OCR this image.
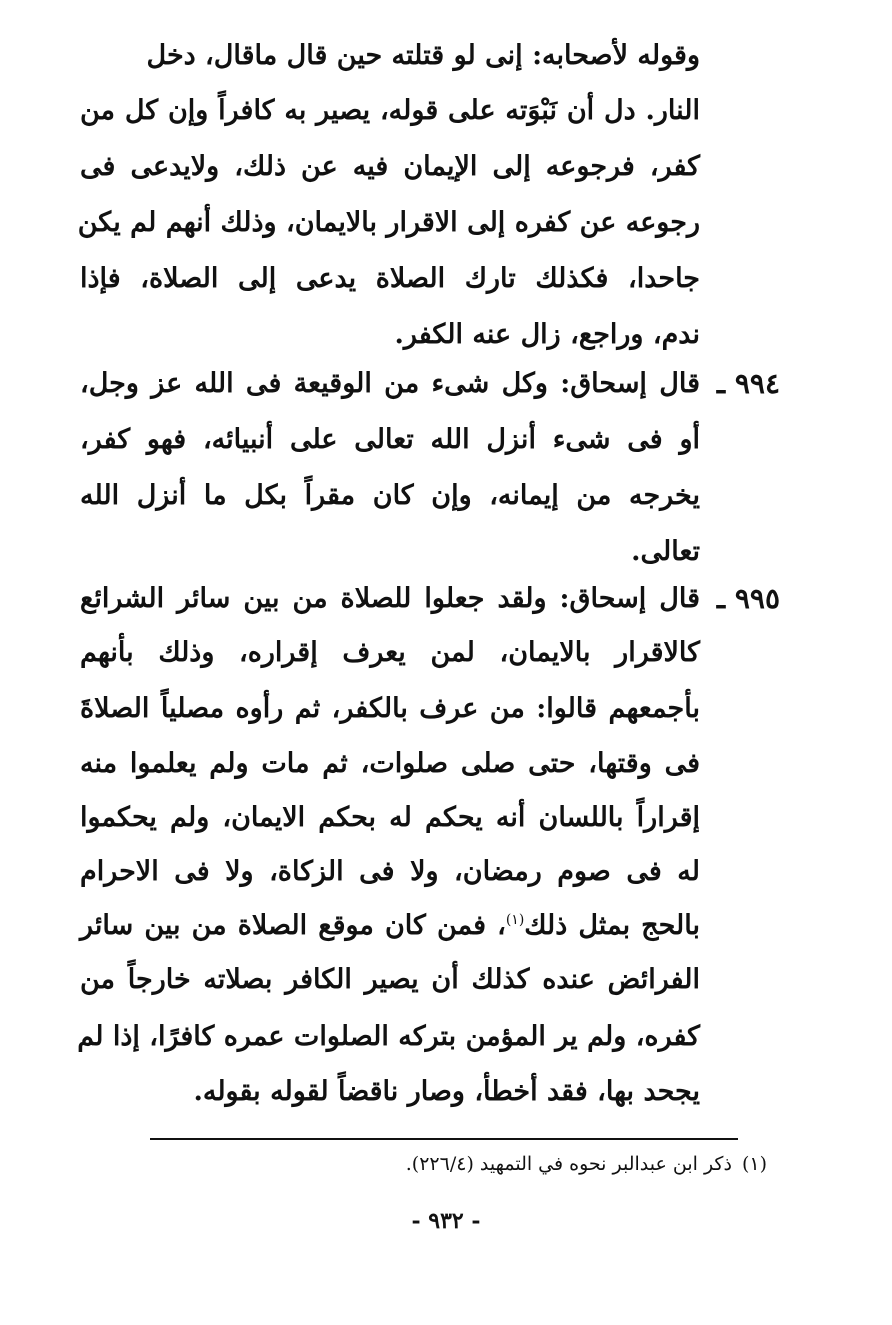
وقوله لأصحابه: إنى لو قتلته حين قال ماقال، دخل

النار. دل أن نَبْوَته على قوله، يصير به كافراً وإن كل من

كفر، فرجوعه إلى الإيمان فيه عن ذلك، ولايدعى فى

رجوعه عن كفره إلى الاقرار بالايمان، وذلك أنهم لم يكن

جاحدا، فكذلك تارك الصلاة يدعى إلى الصلاة، فإذا

ندم، وراجع، زال عنه الكفر.

٩٩٤ ـ

قال إسحاق: وكل شىء من الوقيعة فى الله عز وجل،

أو فى شىء أنزل الله تعالى على أنبيائه، فهو كفر،

يخرجه من إيمانه، وإن كان مقراً بكل ما أنزل الله

تعالى.

٩٩٥ ـ

قال إسحاق: ولقد جعلوا للصلاة من بين سائر الشرائع

كالاقرار بالايمان، لمن يعرف إقراره، وذلك بأنهم

بأجمعهم قالوا: من عرف بالكفر، ثم رأوه مصلياً الصلاةَ

فى وقتها، حتى صلى صلوات، ثم مات ولم يعلموا منه

إقراراً باللسان أنه يحكم له بحكم الايمان، ولم يحكموا

له فى صوم رمضان، ولا فى الزكاة، ولا فى الاحرام

بالحج بمثل ذلك$^{(١)}$، فمن كان موقع الصلاة من بين سائر

الفرائض عنده كذلك أن يصير الكافر بصلاته خارجاً من

كفره، ولم ير المؤمن بتركه الصلوات عمره كافرًا، إذا لم

يجحد بها، فقد أخطأ، وصار ناقضاً لقوله بقوله.

(١)ذكر ابن عبدالبر نحوه في التمهيد (٢٢٦/٤).
- ٩٣٢ -
